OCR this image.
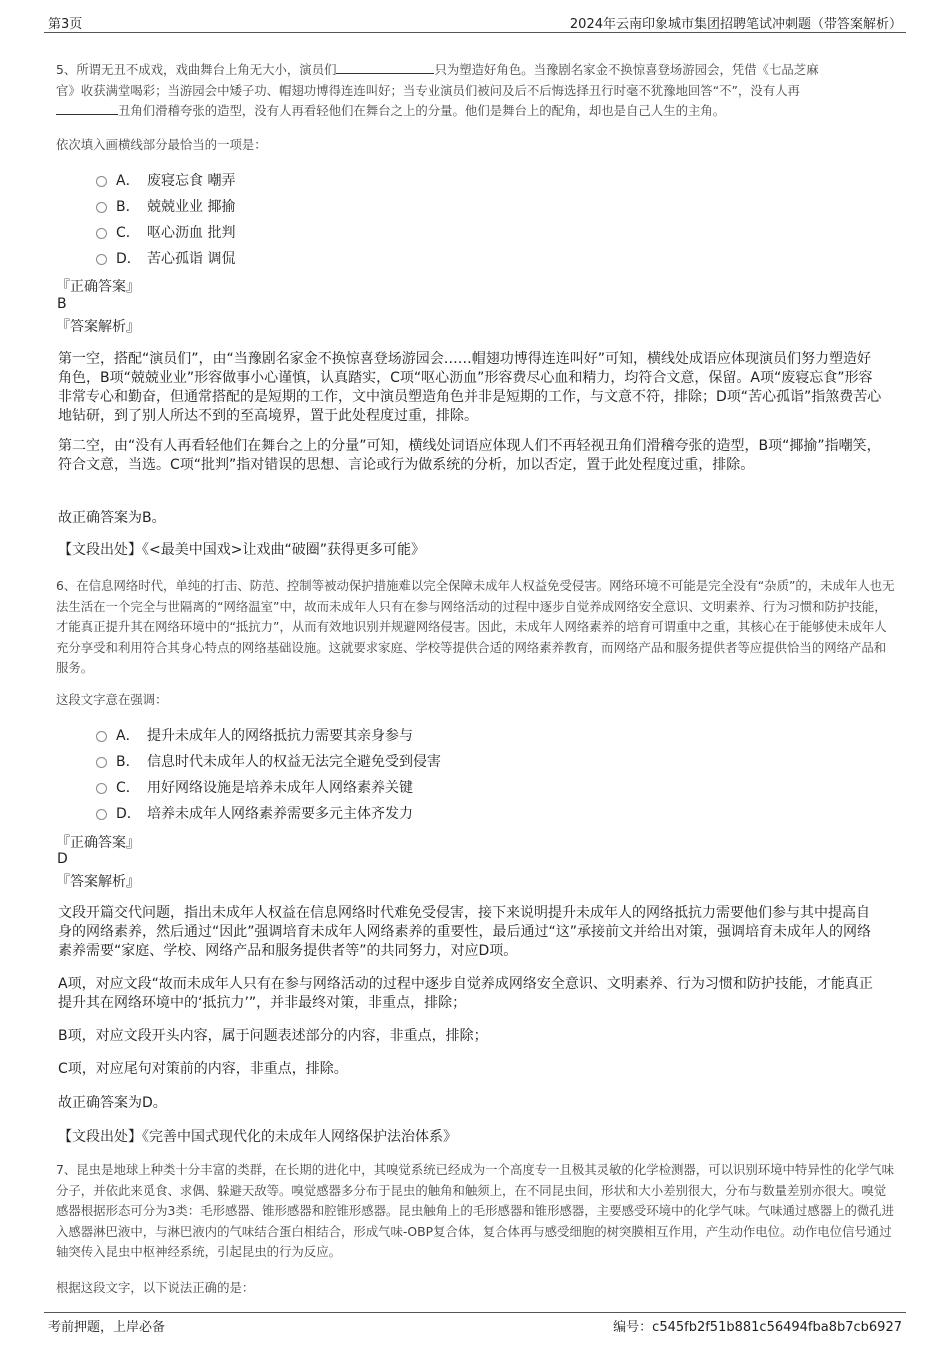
第3页	2024年云南印象城市集团招聘笔试冲刺题（带答案解析）
5、所谓无丑不成戏，戏曲舞台上角无大小，演员们	只为塑造好角色。当豫剧名家金不换惊喜登场游园会，凭借《七品芝麻
官》收获满堂喝彩；当游园会中矮子功、帽翅功博得连连叫好；当专业演员们被问及后不后悔选择丑行时毫不犹豫地回答“不”，没有人再
丑角们滑稽夸张的造型，没有人再看轻他们在舞台之上的分量。他们是舞台上的配角，却也是自己人生的主角。
依次填入画横线部分最恰当的一项是：
A． 废寝忘食 嘲弄
B． 兢兢业业 揶揄
C． 呕心沥血 批判
D． 苦心孤诣 调侃
『正确答案』
B
『答案解析』
第一空，搭配“演员们”，由“当豫剧名家金不换惊喜登场游园会……帽翅功博得连连叫好”可知，横线处成语应体现演员们努力塑造好角色，B项“兢兢业业”形容做事小心谨慎，认真踏实，C项“呕心沥血”形容费尽心血和精力，均符合文意，保留。A项“废寝忘食”形容非常专心和勤奋，但通常搭配的是短期的工作，文中演员塑造角色并非是短期的工作，与文意不符，排除；D项“苦心孤诣”指煞费苦心地钻研，到了别人所达不到的至高境界，置于此处程度过重，排除。
第二空，由“没有人再看轻他们在舞台之上的分量”可知，横线处词语应体现人们不再轻视丑角们滑稽夸张的造型，B项“揶揄”指嘲笑，符合文意，当选。C项“批判”指对错误的思想、言论或行为做系统的分析，加以否定，置于此处程度过重，排除。
故正确答案为B。
【文段出处】《<最美中国戏>让戏曲“破圈”获得更多可能》
6、在信息网络时代，单纯的打击、防范、控制等被动保护措施难以完全保障未成年人权益免受侵害。网络环境不可能是完全没有“杂质”的，未成年人也无法生活在一个完全与世隔离的“网络温室”中，故而未成年人只有在参与网络活动的过程中逐步自觉养成网络安全意识、文明素养、行为习惯和防护技能，才能真正提升其在网络环境中的“抵抗力”，从而有效地识别并规避网络侵害。因此，未成年人网络素养的培育可谓重中之重，其核心在于能够使未成年人充分享受和利用符合其身心特点的网络基础设施。这就要求家庭、学校等提供合适的网络素养教育，而网络产品和服务提供者等应提供恰当的网络产品和服务。
这段文字意在强调：
A． 提升未成年人的网络抵抗力需要其亲身参与
B． 信息时代未成年人的权益无法完全避免受到侵害
C． 用好网络设施是培养未成年人网络素养关键
D． 培养未成年人网络素养需要多元主体齐发力
『正确答案』
D
『答案解析』
文段开篇交代问题，指出未成年人权益在信息网络时代难免受侵害，接下来说明提升未成年人的网络抵抗力需要他们参与其中提高自身的网络素养，然后通过“因此”强调培育未成年人网络素养的重要性，最后通过“这”承接前文并给出对策，强调培育未成年人的网络素养需要“家庭、学校、网络产品和服务提供者等”的共同努力，对应D项。
A项，对应文段“故而未成年人只有在参与网络活动的过程中逐步自觉养成网络安全意识、文明素养、行为习惯和防护技能，才能真正提升其在网络环境中的‘抵抗力’”，并非最终对策，非重点，排除；
B项，对应文段开头内容，属于问题表述部分的内容，非重点，排除；
C项，对应尾句对策前的内容，非重点，排除。
故正确答案为D。
【文段出处】《完善中国式现代化的未成年人网络保护法治体系》
7、昆虫是地球上种类十分丰富的类群，在长期的进化中，其嗅觉系统已经成为一个高度专一且极其灵敏的化学检测器，可以识别环境中特异性的化学气味分子，并依此来觅食、求偶、躲避天敌等。嗅觉感器多分布于昆虫的触角和触须上，在不同昆虫间，形状和大小差别很大，分布与数量差别亦很大。嗅觉感器根据形态可分为3类：毛形感器、锥形感器和腔锥形感器。昆虫触角上的毛形感器和锥形感器，主要感受环境中的化学气味。气味通过感器上的微孔进入感器淋巴液中，与淋巴液内的气味结合蛋白相结合，形成气味-OBP复合体，复合体再与感受细胞的树突膜相互作用，产生动作电位。动作电位信号通过轴突传入昆虫中枢神经系统，引起昆虫的行为反应。
根据这段文字，以下说法正确的是：
考前押题，上岸必备	编号：c545fb2f51b881c56494fba8b7cb6927
